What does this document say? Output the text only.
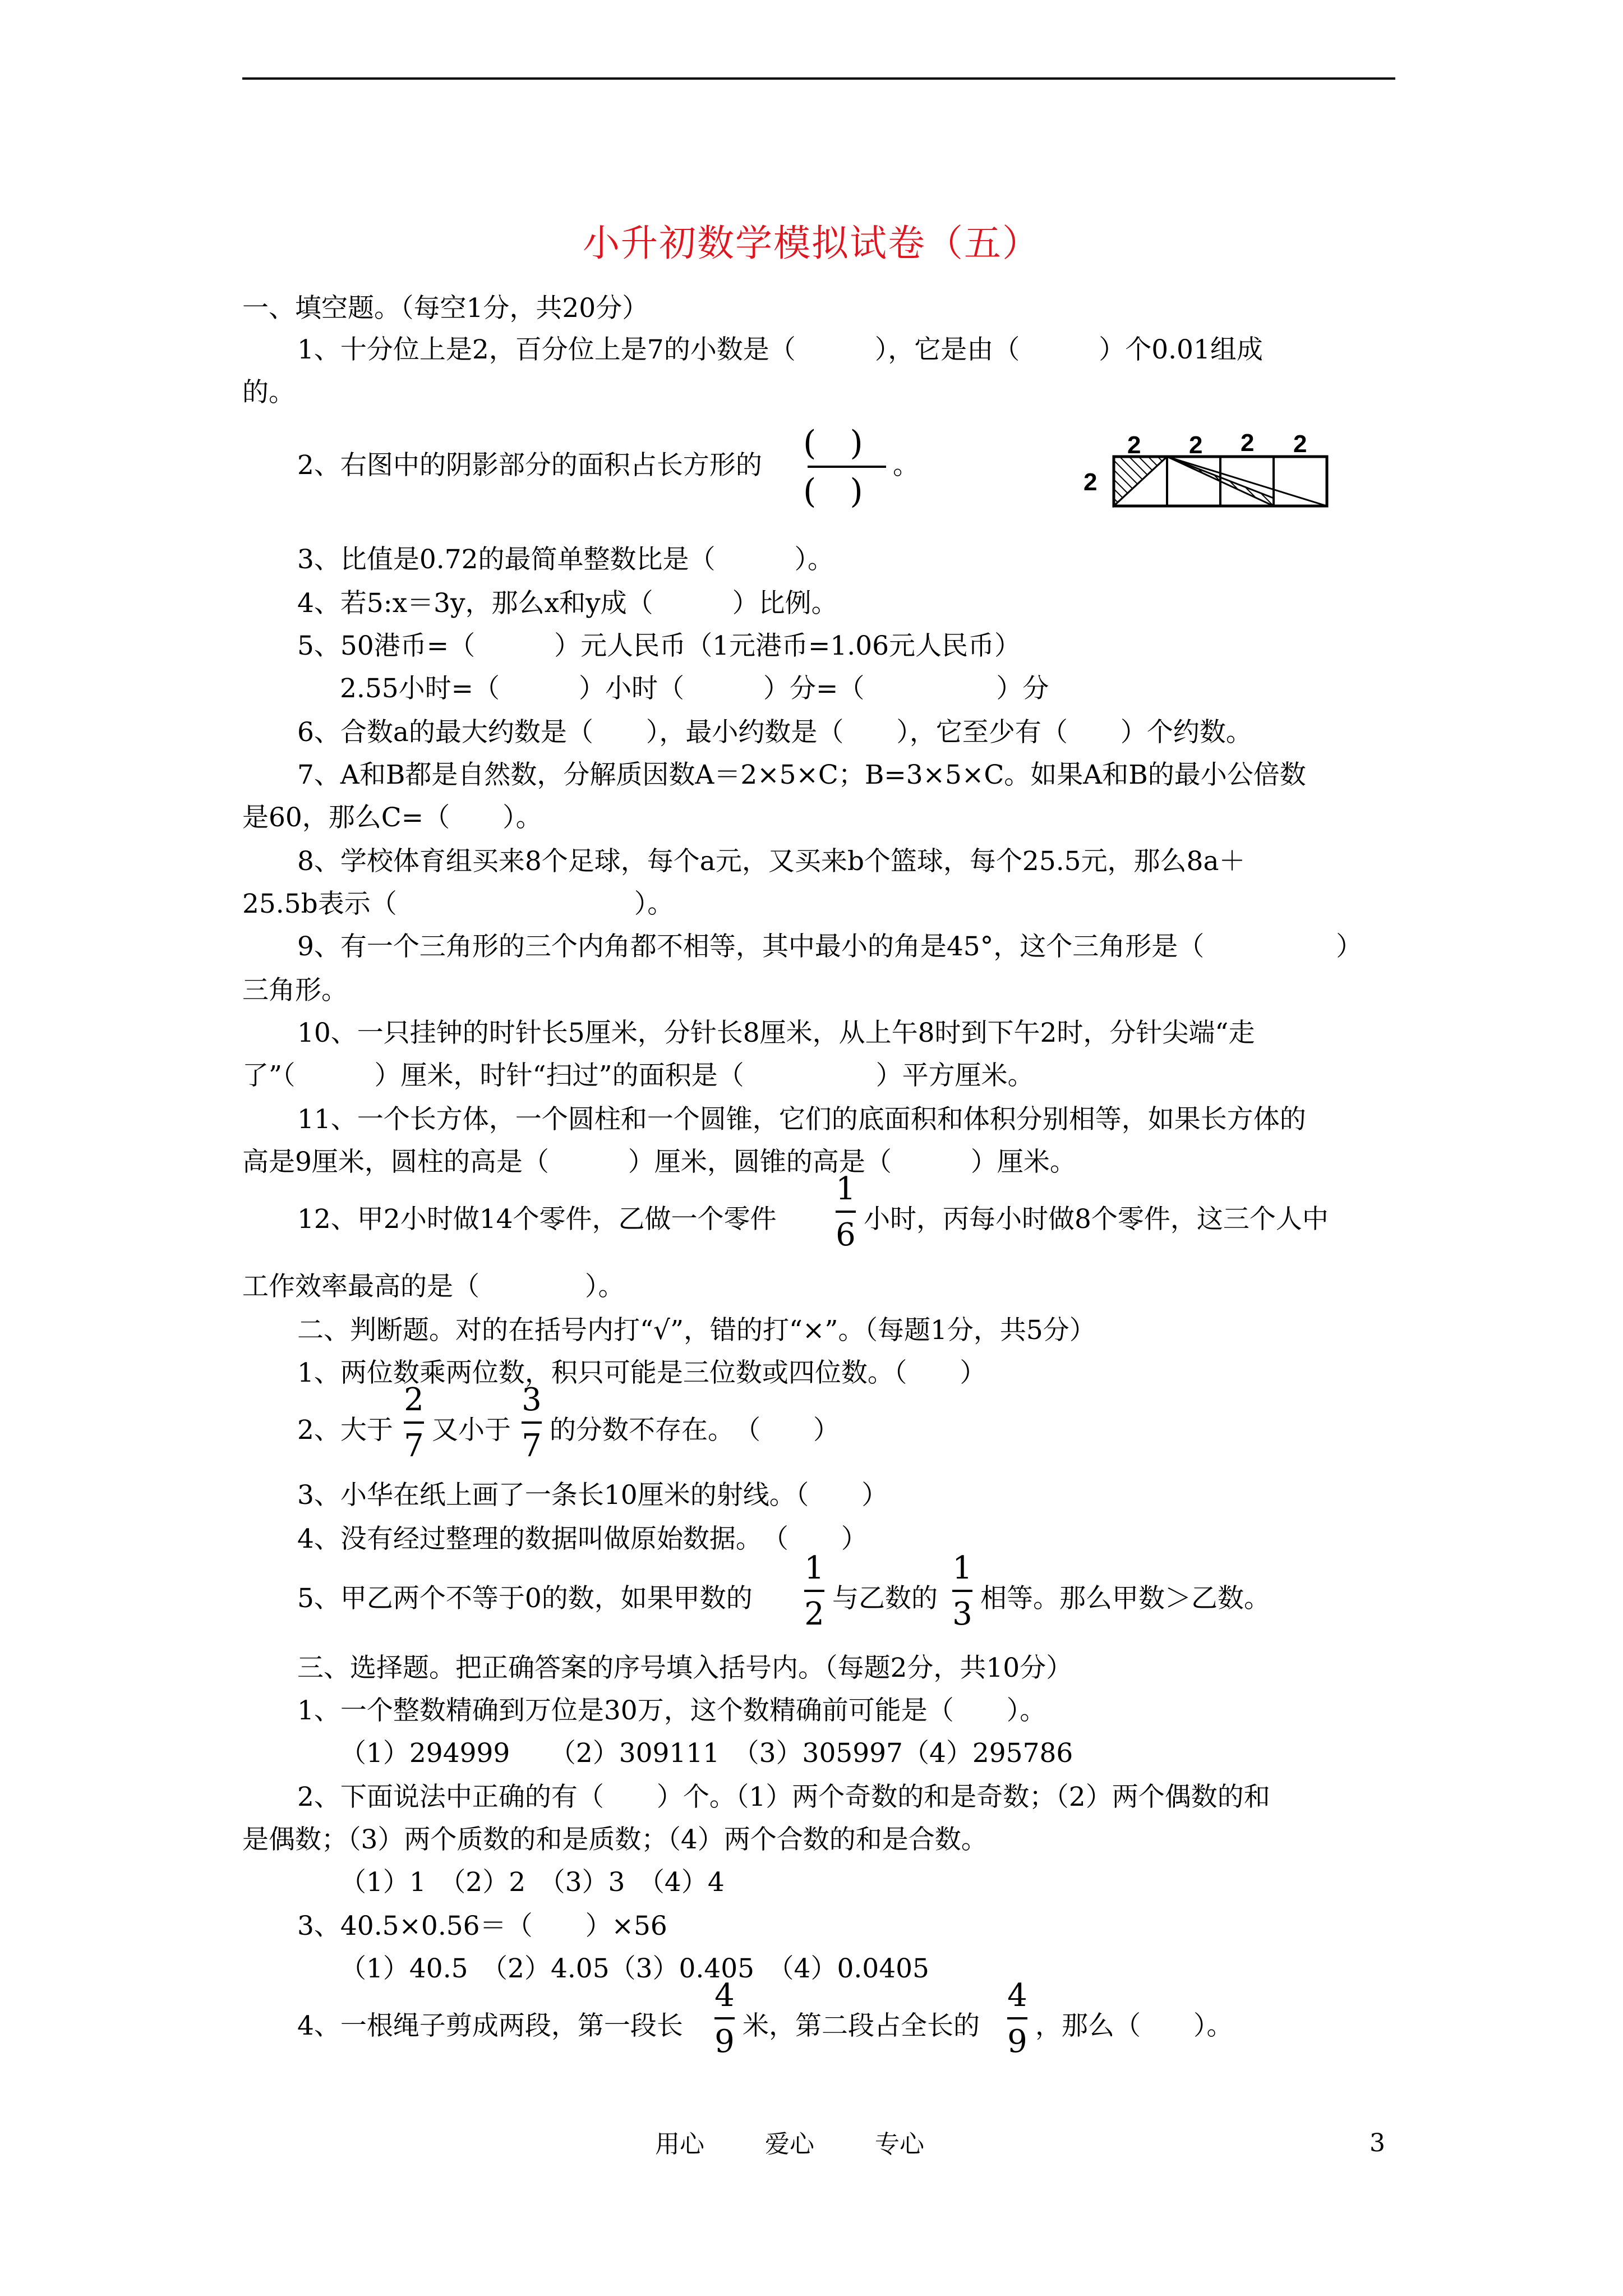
小升初数学模拟试卷（五）
一、填空题。（每空1分，共20分）
1、十分位上是2，百分位上是7的小数是（　　　），它是由（　　　）个0.01组成
的。
2、右图中的阴影部分的面积占长方形的
(　)
(　)
。
2
2 2 2 2
3、比值是0.72的最简单整数比是（　　　）。
4、若5:x＝3y，那么x和y成（　　　）比例。
5、50港币=（　　　）元人民币（1元港币=1.06元人民币）
2.55小时=（　　　）小时（　　　）分=（　　　　　）分
6、合数a的最大约数是（　　），最小约数是（　　），它至少有（　　）个约数。
7、A和B都是自然数，分解质因数A＝2×5×C；B=3×5×C。如果A和B的最小公倍数
是60，那么C=（　　）。
8、学校体育组买来8个足球，每个a元，又买来b个篮球，每个25.5元，那么8a＋
25.5b表示（　　　　　　　　　）。
9、有一个三角形的三个内角都不相等，其中最小的角是45°，这个三角形是（　　　　　）
三角形。
10、一只挂钟的时针长5厘米，分针长8厘米，从上午8时到下午2时，分针尖端“走
了”（　　　）厘米，时针“扫过”的面积是（　　　　　）平方厘米。
11、一个长方体，一个圆柱和一个圆锥，它们的底面积和体积分别相等，如果长方体的
高是9厘米，圆柱的高是（　　　）厘米，圆锥的高是（　　　）厘米。
12、甲2小时做14个零件，乙做一个零件
1
6 小时，丙每小时做8个零件，这三个人中
工作效率最高的是（　　　　）。
二、判断题。对的在括号内打“√”，错的打“×”。（每题1分，共5分）
1、两位数乘两位数，积只可能是三位数或四位数。（　　）
2、大于
2
7 又小于
3
7 的分数不存在。　（　　）
3、小华在纸上画了一条长10厘米的射线。（　　）
4、没有经过整理的数据叫做原始数据。　（　　）
5、甲乙两个不等于0的数，如果甲数的
1
2 与乙数的
1
3 相等。那么甲数＞乙数。
三、选择题。把正确答案的序号填入括号内。（每题2分，共10分）
1、一个整数精确到万位是30万，这个数精确前可能是（　　）。
（1）294999　　（2）309111　（3）305997（4）295786
2、下面说法中正确的有（　　）个。（1）两个奇数的和是奇数；（2）两个偶数的和
是偶数；（3）两个质数的和是质数；（4）两个合数的和是合数。
（1）1　（2）2　（3）3　（4）4
3、40.5×0.56＝（　　）×56
（1）40.5　（2）4.05（3）0.405　（4）0.0405
4、一根绳子剪成两段，第一段长
4
9 米，第二段占全长的
4
9 ，那么（　　）。
用心 爱心 专心	3
